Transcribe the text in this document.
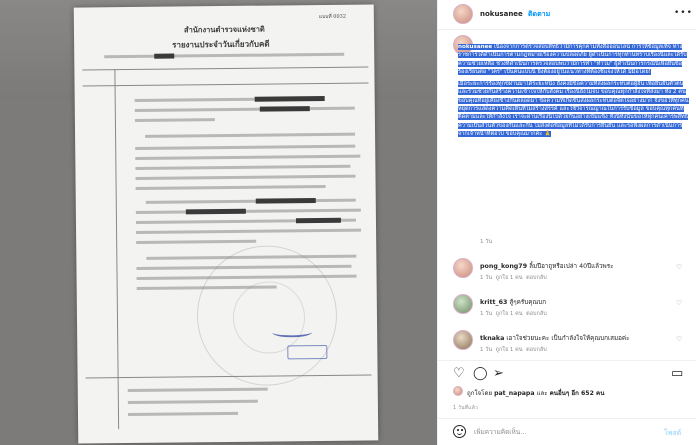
แบบที่ 0032
สำนักงานตำรวจแห่งชาติ
รายงานประจำวันเกี่ยวกับคดี
nokusanee ติดตาม	•••
nokusanee เนื่องจากการตรวจสอบสิทธิ์ว่ามีการคุกคามทั้งสื่อออนไลน์ การให้ข้อมูลเท็จ ทางราชการได้ดำเนินการตามกฎหมายเรื่องความปลอดภัย ผู้ดำเนินการทุกท่านทราบเรื่องนี้และได้รับความช่วยเหลือ ช่วงที่ดำเนินการตรวจสอบพบว่ามีการทำ "ทำไม" ผู้ดำเนินการกรณีนี้เพื่อยื่นข้อร้องเรียนต่อ "ใคร" เป็นคนแบบนี้ ยิ่งต้องอยู่ในแนวทางที่ต้องชี้แจงให้ได้ มีมือโดย!
เมื่อระยะการร้องทุกข์ผ่านมาได้ระยะหนึ่ง ยังคงมีข้อความที่ส่งผลกระทบต่อผู้อื่น เพื่อยืนยันตัวตนและร่วมช่วยกันสร้างความเข้าใจให้กับสังคม เรื่องนี้ยังไม่จบ ขอบคุณทุกกำลังใจที่ส่งมา ทั้ง 2 คนขอบคุณที่อยู่เคียงข้างกันตลอดมา ข้อความที่เกิดขึ้นส่งผลกระทบต่อจิตใจอย่างมาก จึงขอให้ทุกคนหยุดการแสดงความคิดเห็นที่ไม่สร้างสรรค์ และใช้วิจารณญาณในการรับข้อมูล ขอบคุณทุกคนที่ติดตามและให้กำลังใจ เราจะผ่านเรื่องนี้ไปด้วยกันอย่างเข้มแข็ง ทั้งนี้ทั้งนั้นขอให้ทุกคนเคารพสิทธิ์ความเป็นส่วนตัวของกันและกัน ไม่ส่งต่อข้อมูลที่ไม่ได้รับการยืนยัน และรอฟังผลการดำเนินการจากเจ้าหน้าที่ต่อไป ขอบคุณมากค่ะ 🙏
1 วัน
pong_kong79 ลิ้มปีอาถูหรือเปล่า 40ปีแล้วพระ
1 วัน ถูกใจ 1 คน ตอบกลับ
♡
kritt_63 สู้ๆครับคุณบก
1 วัน ถูกใจ 1 คน ตอบกลับ
♡
tknaka เอาใจช่วยนะคะ เป็นกำลังใจให้คุณบกเสมอค่ะ
1 วัน ถูกใจ 1 คน ตอบกลับ
♡
♡ ◯ ➢	▭
ถูกใจโดย pat_napapa และ คนอื่นๆ อีก 652 คน
1 วันที่แล้ว
เพิ่มความคิดเห็น...
โพสต์
